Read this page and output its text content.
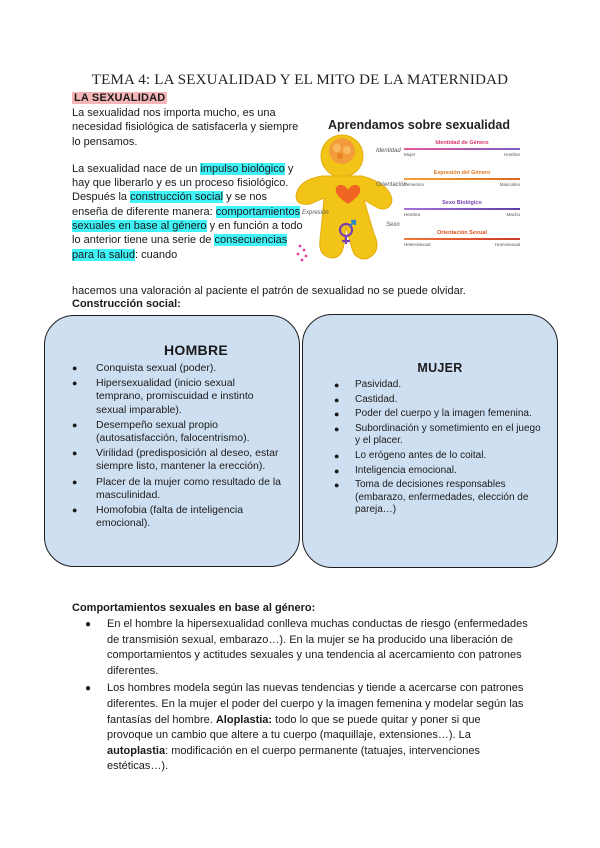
TEMA 4: LA SEXUALIDAD Y EL MITO DE LA MATERNIDAD
LA SEXUALIDAD

La sexualidad nos importa mucho, es una necesidad fisiológica de satisfacerla y siempre lo pensamos.

La sexualidad nace de un impulso biológico y hay que liberarlo y es un proceso fisiológico. Después la construcción social y se nos enseña de diferente manera: comportamientos sexuales en base al género y en función a todo lo anterior tiene una serie de consecuencias para la salud: cuando

Aprendamos sobre sexualidad
Identidad
Orientación
Expresión
Sexo
Identidad de Género
Mujer	Hombre
Expresión del Género
Femenino	Masculino
Sexo Biológico
Hembra	Macho
Orientación Sexual
Heterosexual	Homosexual
hacemos una valoración al paciente el patrón de sexualidad no se puede olvidar.
Construcción social:
HOMBRE
● Conquista sexual (poder).
● Hipersexualidad (inicio sexual temprano, promiscuidad e instinto sexual imparable).
● Desempeño sexual propio (autosatisfacción, falocentrismo).
● Virilidad (predisposición al deseo, estar siempre listo, mantener la erección).
● Placer de la mujer como resultado de la masculinidad.
● Homofobia (falta de inteligencia emocional).
MUJER
● Pasividad.
● Castidad.
● Poder del cuerpo y la imagen femenina.
● Subordinación y sometimiento en el juego y el placer.
● Lo erógeno antes de lo coital.
● Inteligencia emocional.
● Toma de decisiones responsables (embarazo, enfermedades, elección de pareja…)
Comportamientos sexuales en base al género:
● En el hombre la hipersexualidad conlleva muchas conductas de riesgo (enfermedades de transmisión sexual, embarazo…). En la mujer se ha producido una liberación de comportamientos y actitudes sexuales y una tendencia al acercamiento con patrones diferentes.
● Los hombres modela según las nuevas tendencias y tiende a acercarse con patrones diferentes. En la mujer el poder del cuerpo y la imagen femenina y modelar según las fantasías del hombre. Aloplastia: todo lo que se puede quitar y poner si que provoque un cambio que altere a tu cuerpo (maquillaje, extensiones…). La autoplastia: modificación en el cuerpo permanente (tatuajes, intervenciones estéticas…).
